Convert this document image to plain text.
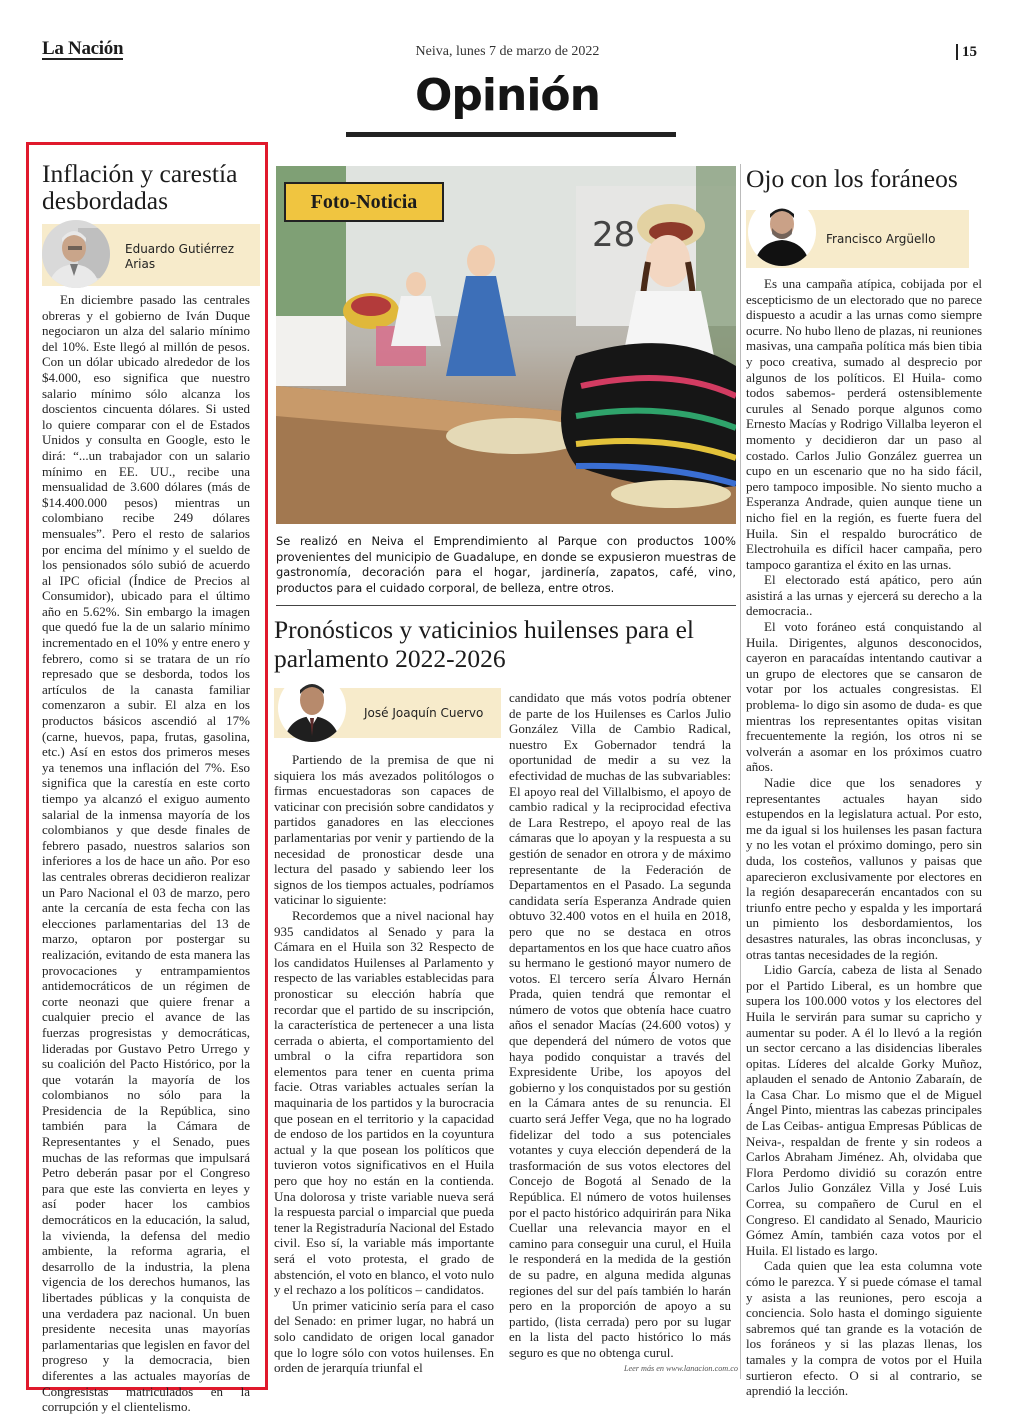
La Nación	Neiva, lunes 7 de marzo de 2022	15
Opinión
Inflación y carestía desbordadas
Eduardo Gutiérrez Arias

En diciembre pasado las centrales obreras y el gobierno de Iván Duque negociaron un alza del salario mínimo del 10%. Este llegó al millón de pesos. Con un dólar ubicado alrededor de los $4.000, eso significa que nuestro salario mínimo sólo alcanza los doscientos cincuenta dólares. Si usted lo quiere comparar con el de Estados Unidos y consulta en Google, esto le dirá: “...un trabajador con un salario mínimo en EE. UU., recibe una mensualidad de 3.600 dólares (más de $14.400.000 pesos) mientras un colombiano recibe 249 dólares mensuales”. Pero el resto de salarios por encima del mínimo y el sueldo de los pensionados sólo subió de acuerdo al IPC oficial (Índice de Precios al Consumidor), ubicado para el último año en 5.62%. Sin embargo la imagen que quedó fue la de un salario mínimo incrementado en el 10% y entre enero y febrero, como si se tratara de un río represado que se desborda, todos los artículos de la canasta familiar comenzaron a subir. El alza en los productos básicos ascendió al 17% (carne, huevos, papa, frutas, gasolina, etc.) Así en estos dos primeros meses ya tenemos una inflación del 7%. Eso significa que la carestía en este corto tiempo ya alcanzó el exiguo aumento salarial de la inmensa mayoría de los colombianos y que desde finales de febrero pasado, nuestros salarios son inferiores a los de hace un año. Por eso las centrales obreras decidieron realizar un Paro Nacional el 03 de marzo, pero ante la cercanía de esta fecha con las elecciones parlamentarias del 13 de marzo, optaron por postergar su realización, evitando de esta manera las provocaciones y entrampamientos antidemocráticos de un régimen de corte neonazi que quiere frenar a cualquier precio el avance de las fuerzas progresistas y democráticas, lideradas por Gustavo Petro Urrego y su coalición del Pacto Histórico, por la que votarán la mayoría de los colombianos no sólo para la Presidencia de la República, sino también para la Cámara de Representantes y el Senado, pues muchas de las reformas que impulsará Petro deberán pasar por el Congreso para que este las convierta en leyes y así poder hacer los cambios democráticos en la educación, la salud, la vivienda, la defensa del medio ambiente, la reforma agraria, el desarrollo de la industria, la plena vigencia de los derechos humanos, las libertades públicas y la conquista de una verdadera paz nacional. Un buen presidente necesita unas mayorías parlamentarias que legislen en favor del progreso y la democracia, bien diferentes a las actuales mayorías de Congresistas matriculados en la corrupción y el clientelismo.

28
Foto-Noticia
Se realizó en Neiva el Emprendimiento al Parque con productos 100% provenientes del municipio de Guadalupe, en donde se expusieron muestras de gastronomía, decoración para el hogar, jardinería, zapatos, café, vino, productos para el cuidado corporal, de belleza, entre otros.
Pronósticos y vaticinios huilenses para el parlamento 2022-2026
José Joaquín Cuervo

Partiendo de la premisa de que ni siquiera los más avezados politólogos o firmas encuestadoras son capaces de vaticinar con precisión sobre candidatos y partidos ganadores en las elecciones parlamentarias por venir y partiendo de la necesidad de pronosticar desde una lectura del pasado y sabiendo leer los signos de los tiempos actuales, podríamos vaticinar lo siguiente:

Recordemos que a nivel nacional hay 935 candidatos al Senado y para la Cámara en el Huila son 32 Respecto de los candidatos Huilenses al Parlamento y respecto de las variables establecidas para pronosticar su elección habría que recordar que el partido de su inscripción, la característica de pertenecer a una lista cerrada o abierta, el comportamiento del umbral o la cifra repartidora son elementos para tener en cuenta prima facie. Otras variables actuales serían la maquinaria de los partidos y la burocracia que posean en el territorio y la capacidad de endoso de los partidos en la coyuntura actual y la que posean los políticos que tuvieron votos significativos en el Huila pero que hoy no están en la contienda. Una dolorosa y triste variable nueva será la respuesta parcial o imparcial que pueda tener la Registraduría Nacional del Estado civil. Eso sí, la variable más importante será el voto protesta, el grado de abstención, el voto en blanco, el voto nulo y el rechazo a los políticos – candidatos.

Un primer vaticinio sería para el caso del Senado: en primer lugar, no habrá un solo candidato de origen local ganador que lo logre sólo con votos huilenses. En orden de jerarquía triunfal el

candidato que más votos podría obtener de parte de los Huilenses es Carlos Julio González Villa de Cambio Radical, nuestro Ex Gobernador tendrá la oportunidad de medir a su vez la efectividad de muchas de las subvariables: El apoyo real del Villalbismo, el apoyo de cambio radical y la reciprocidad efectiva de Lara Restrepo, el apoyo real de las cámaras que lo apoyan y la respuesta a su gestión de senador en otrora y de máximo representante de la Federación de Departamentos en el Pasado. La segunda candidata sería Esperanza Andrade quien obtuvo 32.400 votos en el huila en 2018, pero que no se destaca en otros departamentos en los que hace cuatro años su hermano le gestionó mayor numero de votos. El tercero sería Álvaro Hernán Prada, quien tendrá que remontar el número de votos que obtenía hace cuatro años el senador Macías (24.600 votos) y que dependerá del número de votos que haya podido conquistar a través del Expresidente Uribe, los apoyos del gobierno y los conquistados por su gestión en la Cámara antes de su renuncia. El cuarto será Jeffer Vega, que no ha logrado fidelizar del todo a sus potenciales votantes y cuya elección dependerá de la trasformación de sus votos electores del Concejo de Bogotá al Senado de la República. El número de votos huilenses por el pacto histórico adquirirán para Nika Cuellar una relevancia mayor en el camino para conseguir una curul, el Huila le responderá en la medida de la gestión de su padre, en alguna medida algunas regiones del sur del país también lo harán pero en la proporción de apoyo a su partido, (lista cerrada) pero por su lugar en la lista del pacto histórico lo más seguro es que no obtenga curul.

Leer más en www.lanacion.com.co
Ojo con los foráneos
Francisco Argüello

Es una campaña atípica, cobijada por el escepticismo de un electorado que no parece dispuesto a acudir a las urnas como siempre ocurre. No hubo lleno de plazas, ni reuniones masivas, una campaña política más bien tibia y poco creativa, sumado al desprecio por algunos de los políticos. El Huila- como todos sabemos- perderá ostensiblemente curules al Senado porque algunos como Ernesto Macías y Rodrigo Villalba leyeron el momento y decidieron dar un paso al costado. Carlos Julio González guerrea un cupo en un escenario que no ha sido fácil, pero tampoco imposible. No siento mucho a Esperanza Andrade, quien aunque tiene un nicho fiel en la región, es fuerte fuera del Huila. Sin el respaldo burocrático de Electrohuila es difícil hacer campaña, pero tampoco garantiza el éxito en las urnas.

El electorado está apático, pero aún asistirá a las urnas y ejercerá su derecho a la democracia..

El voto foráneo está conquistando al Huila. Dirigentes, algunos desconocidos, cayeron en paracaídas intentando cautivar a un grupo de electores que se cansaron de votar por los actuales congresistas. El problema- lo digo sin asomo de duda- es que mientras los representantes opitas visitan frecuentemente la región, los otros ni se volverán a asomar en los próximos cuatro años.

Nadie dice que los senadores y representantes actuales hayan sido estupendos en la legislatura actual. Por esto, me da igual si los huilenses les pasan factura y no les votan el próximo domingo, pero sin duda, los costeños, vallunos y paisas que aparecieron exclusivamente por electores en la región desaparecerán encantados con su triunfo entre pecho y espalda y les importará un pimiento los desbordamientos, los desastres naturales, las obras inconclusas, y otras tantas necesidades de la región.

Lidio García, cabeza de lista al Senado por el Partido Liberal, es un hombre que supera los 100.000 votos y los electores del Huila le servirán para sumar su capricho y aumentar su poder. A él lo llevó a la región un sector cercano a las disidencias liberales opitas. Líderes del alcalde Gorky Muñoz, aplauden el senado de Antonio Zabaraín, de la Casa Char. Lo mismo que el de Miguel Ángel Pinto, mientras las cabezas principales de Las Ceibas- antigua Empresas Públicas de Neiva-, respaldan de frente y sin rodeos a Carlos Abraham Jiménez. Ah, olvidaba que Flora Perdomo dividió su corazón entre Carlos Julio González Villa y José Luis Correa, su compañero de Curul en el Congreso. El candidato al Senado, Mauricio Gómez Amín, también caza votos por el Huila. El listado es largo.

Cada quien que lea esta columna vote cómo le parezca. Y si puede cómase el tamal y asista a las reuniones, pero escoja a conciencia. Solo hasta el domingo siguiente sabremos qué tan grande es la votación de los foráneos y si las plazas llenas, los tamales y la compra de votos por el Huila surtieron efecto. O si al contrario, se aprendió la lección.
